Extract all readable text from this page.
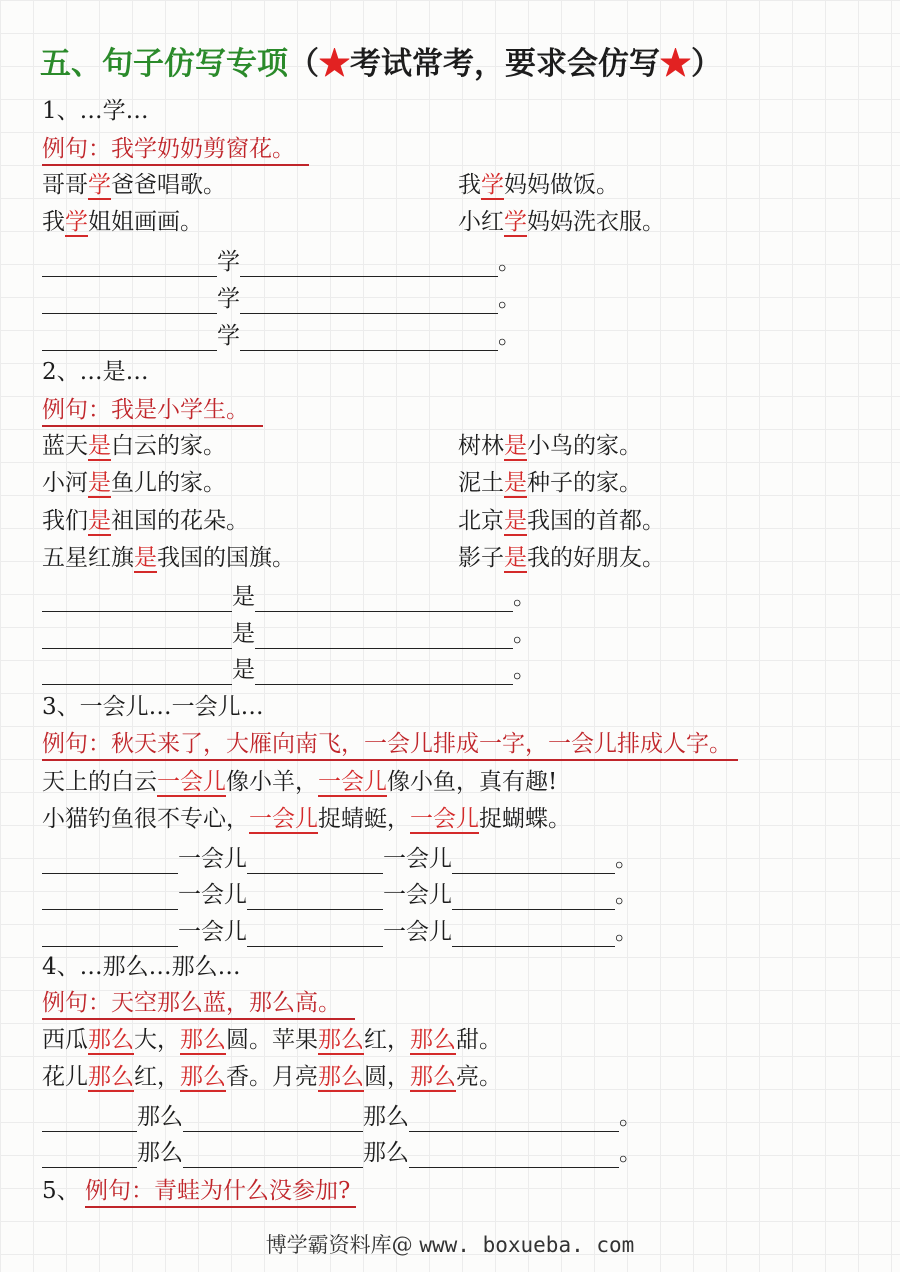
五、句子仿写专项（★考试常考，要求会仿写★）
1、…学…
例句：我学奶奶剪窗花。
哥哥学爸爸唱歌。	我学妈妈做饭。
我学姐姐画画。	小红学妈妈洗衣服。
学	。
学	。
学	。
2、…是…
例句：我是小学生。
蓝天是白云的家。	树林是小鸟的家。
小河是鱼儿的家。	泥土是种子的家。
我们是祖国的花朵。	北京是我国的首都。
五星红旗是我国的国旗。	影子是我的好朋友。
是	。
是	。
是	。
3、一会儿…一会儿…
例句：秋天来了，大雁向南飞，一会儿排成一字，一会儿排成人字。
天上的白云一会儿像小羊，一会儿像小鱼，真有趣!
小猫钓鱼很不专心，一会儿捉蜻蜓，一会儿捉蝴蝶。
一会儿	一会儿	。
一会儿	一会儿	。
一会儿	一会儿	。
4、…那么…那么…
例句：天空那么蓝，那么高。
西瓜那么大，那么圆。苹果那么红，那么甜。
花儿那么红，那么香。月亮那么圆，那么亮。
那么	那么	。
那么	那么	。
5、 例句：青蛙为什么没参加?
博学霸资料库@ www. boxueba. com
